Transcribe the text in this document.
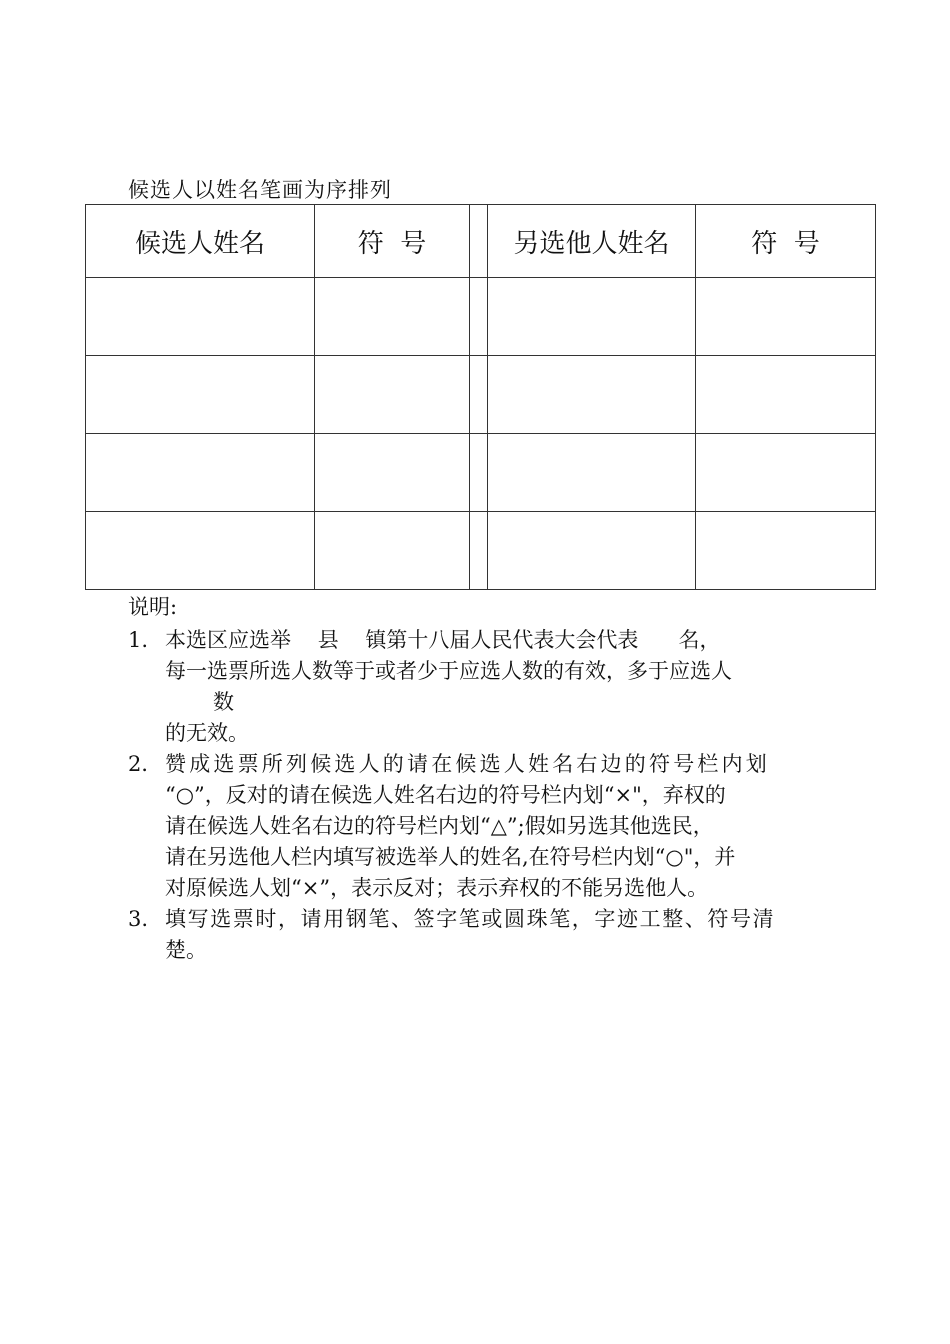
候选人以姓名笔画为序排列
候选人姓名	符  号		另选他人姓名	符  号

说明:
1. 本选区应选举    县    镇第十八届人民代表大会代表      名，
每一选票所选人数等于或者少于应选人数的有效，多于应选人
数
的无效。
2． 赞成选票所列候选人的请在候选人姓名右边的符号栏内划
“○”，反对的请在候选人姓名右边的符号栏内划“×"，弃权的
请在候选人姓名右边的符号栏内划“△”;假如另选其他选民，
请在另选他人栏内填写被选举人的姓名,在符号栏内划“○"，并
对原候选人划“×”，表示反对；表示弃权的不能另选他人。
3. 填写选票时，请用钢笔、签字笔或圆珠笔，字迹工整、符号清
楚。
